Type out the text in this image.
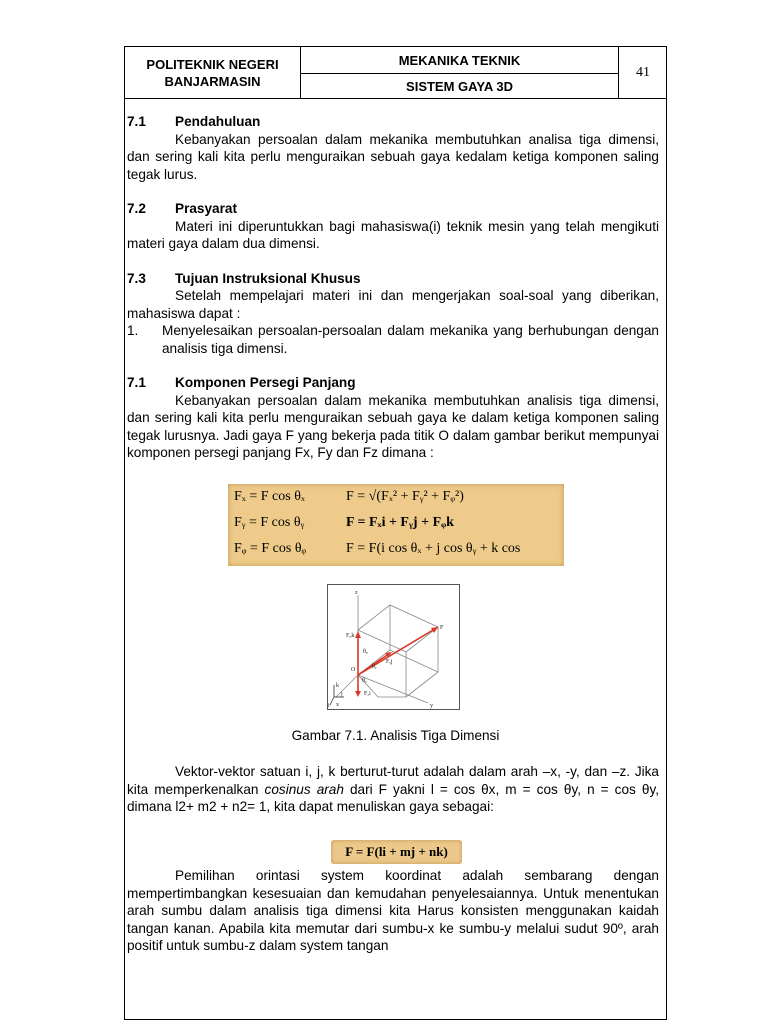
POLITEKNIK NEGERI
BANJARMASIN
MEKANIKA TEKNIK
SISTEM GAYA 3D
41
7.1	Pendahuluan

Kebanyakan persoalan dalam mekanika membutuhkan analisa tiga dimensi, dan sering kali kita perlu menguraikan sebuah gaya kedalam ketiga komponen saling tegak lurus.

7.2	Prasyarat

Materi ini diperuntukkan bagi mahasiswa(i) teknik mesin yang telah mengikuti materi gaya dalam dua dimensi.

7.3	Tujuan Instruksional Khusus

Setelah mempelajari materi ini dan mengerjakan soal-soal yang diberikan, mahasiswa dapat :

1.	Menyelesaikan persoalan-persoalan dalam mekanika yang berhubungan dengan analisis tiga dimensi.
7.1	Komponen Persegi Panjang

Kebanyakan persoalan dalam mekanika membutuhkan analisis tiga dimensi, dan sering kali kita perlu menguraikan sebuah gaya ke dalam ketiga komponen saling tegak lurusnya. Jadi gaya F yang bekerja pada titik O dalam gambar berikut mempunyai komponen persegi panjang Fx, Fy dan Fz dimana :

Fₓ = F cos θₓ	F = √(Fₓ² + Fᵧ² + Fᵩ²)
Fᵧ = F cos θᵧ	F = Fₓi + Fᵧj + Fᵩk
Fᵩ = F cos θᵩ	F = F(i cos θₓ + j cos θᵧ + k cos
z
y
x
F
O
Fᵩk
Fᵧj
Fₓi
θᵩ
θᵧ
θₓ
k
j
i
Gambar 7.1. Analisis Tiga Dimensi

Vektor-vektor satuan i, j, k berturut-turut adalah dalam arah –x, -y, dan –z. Jika kita memperkenalkan cosinus arah dari F yakni l = cos θx, m = cos θy, n = cos θy, dimana l2+ m2 + n2= 1, kita dapat menuliskan gaya sebagai:

F = F(li + mj + nk)

Pemilihan orintasi system koordinat adalah sembarang dengan mempertimbangkan kesesuaian dan kemudahan penyelesaiannya. Untuk menentukan arah sumbu dalam analisis tiga dimensi kita Harus konsisten menggunakan kaidah tangan kanan. Apabila kita memutar dari sumbu-x ke sumbu-y melalui sudut 90º, arah positif untuk sumbu-z dalam system tangan
